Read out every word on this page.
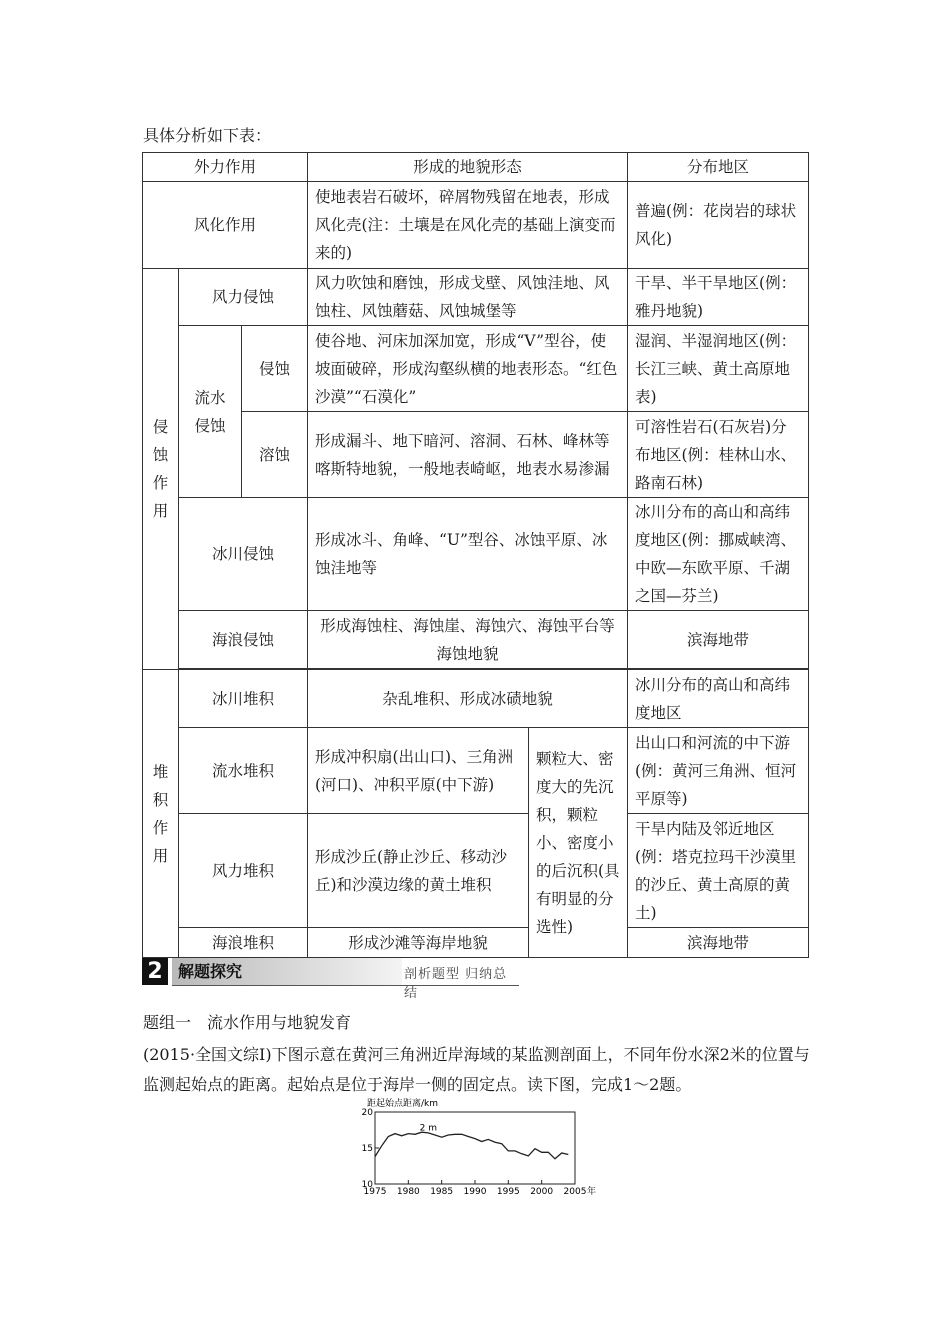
具体分析如下表：
外力作用			形成的地貌形态		分布地区
风化作用			使地表岩石破坏，碎屑物残留在地表，形成风化壳(注：土壤是在风化壳的基础上演变而来的)		普遍(例：花岗岩的球状风化)
侵蚀作用	风力侵蚀		风力吹蚀和磨蚀，形成戈壁、风蚀洼地、风蚀柱、风蚀蘑菇、风蚀城堡等		干旱、半干旱地区(例：雅丹地貌)
	流水侵蚀	侵蚀	使谷地、河床加深加宽，形成“V”型谷，使坡面破碎，形成沟壑纵横的地表形态。“红色沙漠”“石漠化”		湿润、半湿润地区(例：长江三峡、黄土高原地表)
		溶蚀	形成漏斗、地下暗河、溶洞、石林、峰林等喀斯特地貌，一般地表崎岖，地表水易渗漏		可溶性岩石(石灰岩)分布地区(例：桂林山水、路南石林)
	冰川侵蚀		形成冰斗、角峰、“U”型谷、冰蚀平原、冰蚀洼地等		冰川分布的高山和高纬度地区(例：挪威峡湾、中欧—东欧平原、千湖之国—芬兰)
	海浪侵蚀		形成海蚀柱、海蚀崖、海蚀穴、海蚀平台等海蚀地貌		滨海地带

堆积作用	冰川堆积		杂乱堆积、形成冰碛地貌		冰川分布的高山和高纬度地区
	流水堆积		形成冲积扇(出山口)、三角洲(河口)、冲积平原(中下游)	颗粒大、密度大的先沉积，颗粒小、密度小的后沉积(具有明显的分选性)	出山口和河流的中下游(例：黄河三角洲、恒河平原等)
	风力堆积		形成沙丘(静止沙丘、移动沙丘)和沙漠边缘的黄土堆积		干旱内陆及邻近地区(例：塔克拉玛干沙漠里的沙丘、黄土高原的黄土)
	海浪堆积		形成沙滩等海岸地貌		滨海地带
2 解题探究	剖析题型 归纳总结
题组一　流水作用与地貌发育
(2015·全国文综Ⅰ)下图示意在黄河三角洲近岸海域的某监测剖面上，不同年份水深2米的位置与监测起始点的距离。起始点是位于海岸一侧的固定点。读下图，完成1～2题。
10
15
20
1975 1980 1985 1990 1995 2000 2005 年
距起始点距离/km
2 m
